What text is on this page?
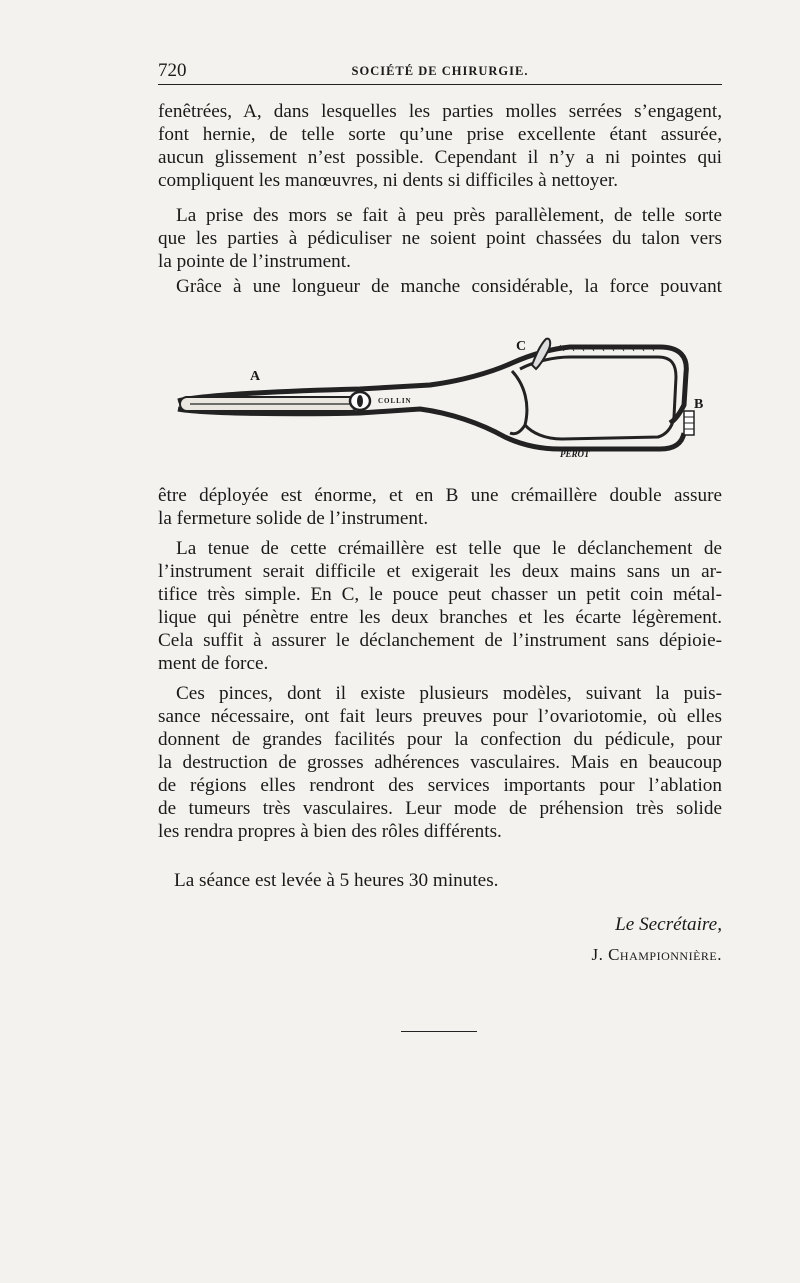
720	SOCIÉTÉ DE CHIRURGIE.
fenêtrées, A, dans lesquelles les parties molles serrées s’engagent,
font hernie, de telle sorte qu’une prise excellente étant assurée,
aucun glissement n’est possible. Cependant il n’y a ni pointes qui
compliquent les manœuvres, ni dents si difficiles à nettoyer.
La prise des mors se fait à peu près parallèlement, de telle sorte
que les parties à pédiculiser ne soient point chassées du talon vers
la pointe de l’instrument.
Grâce à une longueur de manche considérable, la force pouvant
A
C
B
COLLIN
PEROT
être déployée est énorme, et en B une crémaillère double assure
la fermeture solide de l’instrument.
La tenue de cette crémaillère est telle que le déclanchement de
l’instrument serait difficile et exigerait les deux mains sans un ar-
tifice très simple. En C, le pouce peut chasser un petit coin métal-
lique qui pénètre entre les deux branches et les écarte légèrement.
Cela suffit à assurer le déclanchement de l’instrument sans dépioie-
ment de force.
Ces pinces, dont il existe plusieurs modèles, suivant la puis-
sance nécessaire, ont fait leurs preuves pour l’ovariotomie, où elles
donnent de grandes facilités pour la confection du pédicule, pour
la destruction de grosses adhérences vasculaires. Mais en beaucoup
de régions elles rendront des services importants pour l’ablation
de tumeurs très vasculaires. Leur mode de préhension très solide
les rendra propres à bien des rôles différents.
La séance est levée à 5 heures 30 minutes.
Le Secrétaire,
J. Championnière.
